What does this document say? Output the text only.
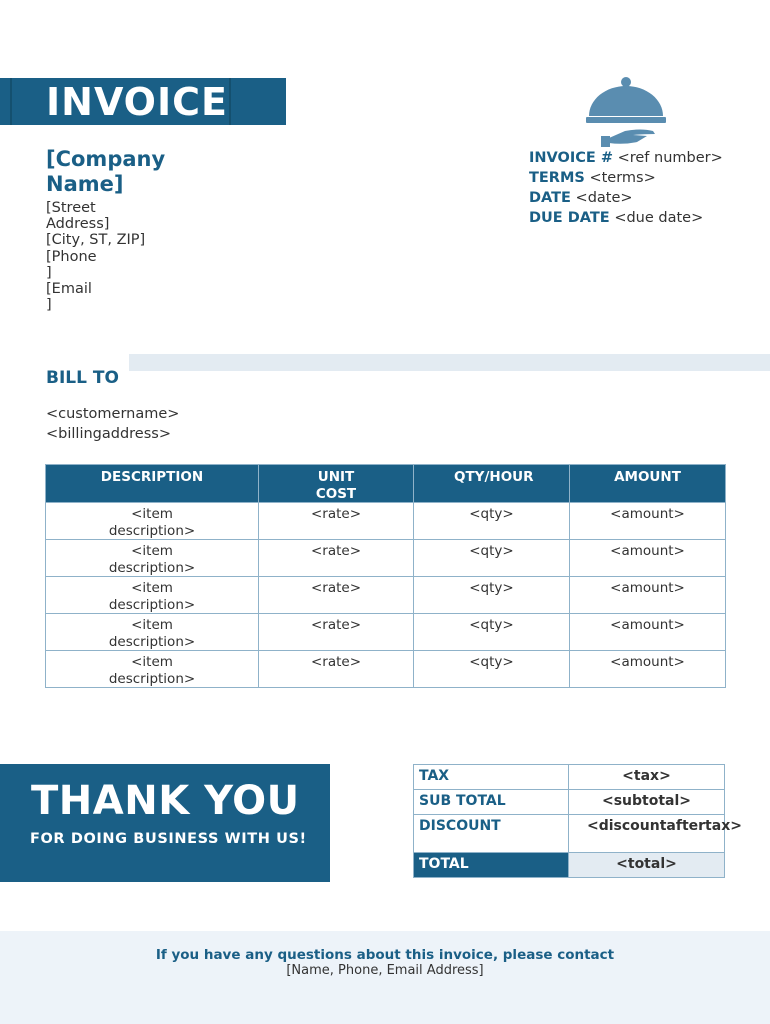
INVOICE
[Company Name]
[Street
Address]
[City, ST, ZIP]
[Phone
]
[Email
]
INVOICE # <ref number>
TERMS <terms>
DATE <date>
DUE DATE <due date>
BILL TO
<customername>
<billingaddress>
DESCRIPTION	UNIT COST	QTY/HOUR	AMOUNT
<item description>	<rate>	<qty>	<amount>
<item description>	<rate>	<qty>	<amount>
<item description>	<rate>	<qty>	<amount>
<item description>	<rate>	<qty>	<amount>
<item description>	<rate>	<qty>	<amount>
THANK YOU
FOR DOING BUSINESS WITH US!
TAX	<tax>
SUB TOTAL	<subtotal>
DISCOUNT	<discountaftertax>
TOTAL	<total>
If you have any questions about this invoice, please contact
[Name, Phone, Email Address]
